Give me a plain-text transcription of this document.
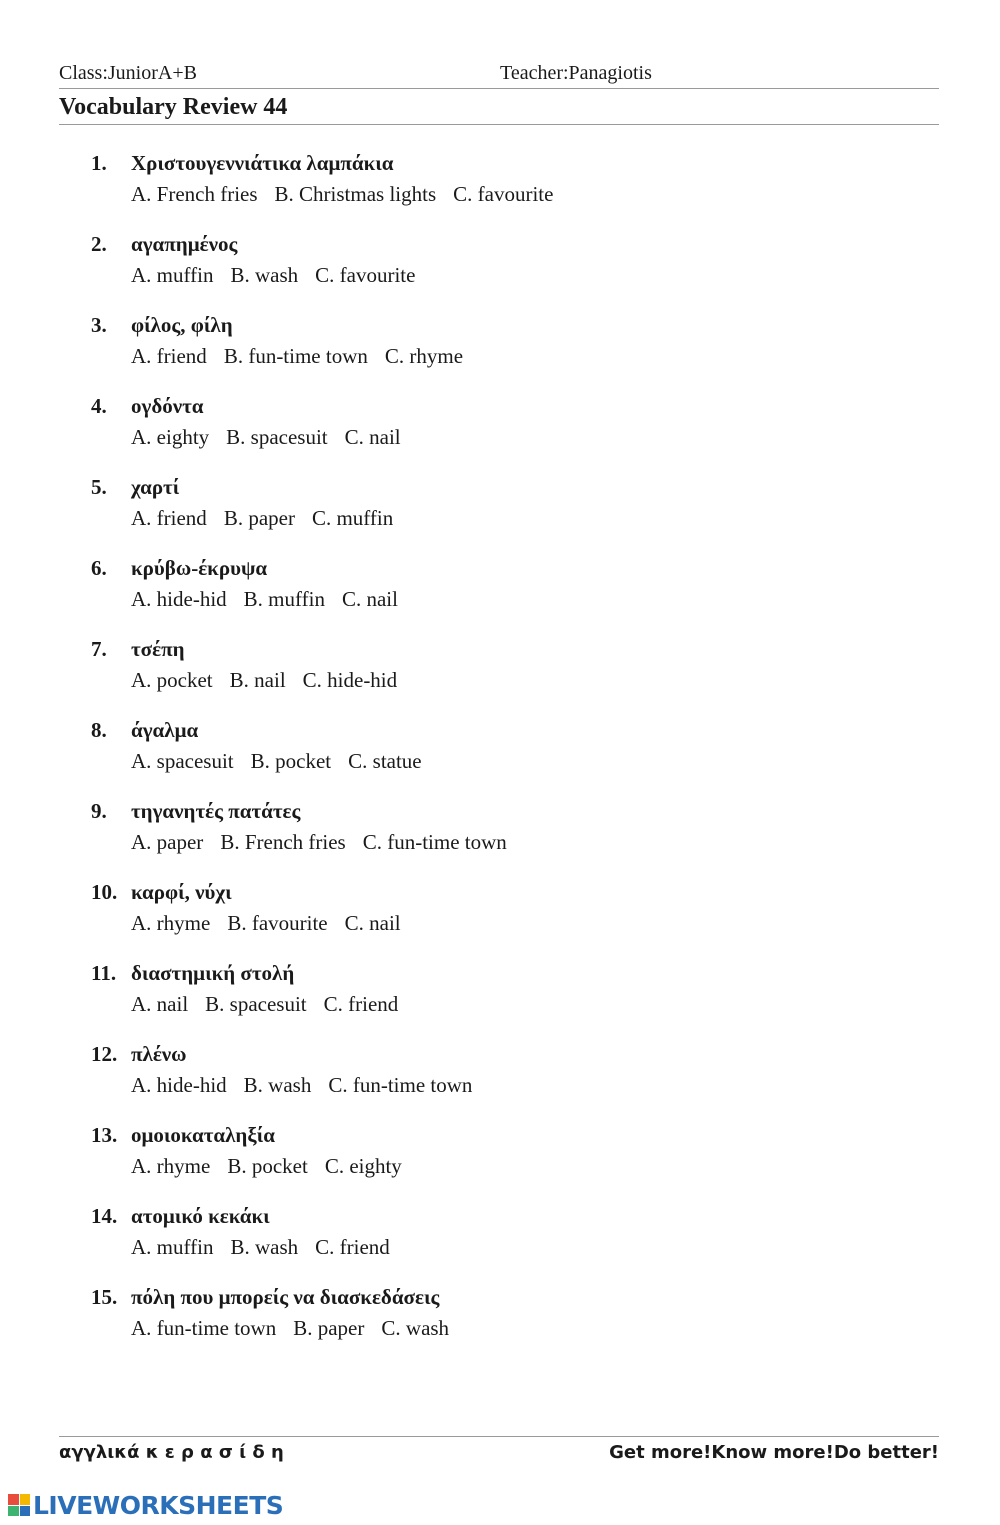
Class:JuniorA+B	Teacher:Panagiotis
Vocabulary Review 44
1. Χριστουγεννιάτικα λαμπάκια
A. French fries B. Christmas lights C. favourite
2. αγαπημένος
A. muffin B. wash C. favourite
3. φίλος, φίλη
A. friend B. fun-time town C. rhyme
4. ογδόντα
A. eighty B. spacesuit C. nail
5. χαρτί
A. friend B. paper C. muffin
6. κρύβω-έκρυψα
A. hide-hid B. muffin C. nail
7. τσέπη
A. pocket B. nail C. hide-hid
8. άγαλμα
A. spacesuit B. pocket C. statue
9. τηγανητές πατάτες
A. paper B. French fries C. fun-time town
10. καρφί, νύχι
A. rhyme B. favourite C. nail
11. διαστημική στολή
A. nail B. spacesuit C. friend
12. πλένω
A. hide-hid B. wash C. fun-time town
13. ομοιοκαταληξία
A. rhyme B. pocket C. eighty
14. ατομικό κεκάκι
A. muffin B. wash C. friend
15. πόλη που μπορείς να διασκεδάσεις
A. fun-time town B. paper C. wash
αγγλικά κ ε ρ α σ ί δ η	Get more!Know more!Do better!
LIVEWORKSHEETS
